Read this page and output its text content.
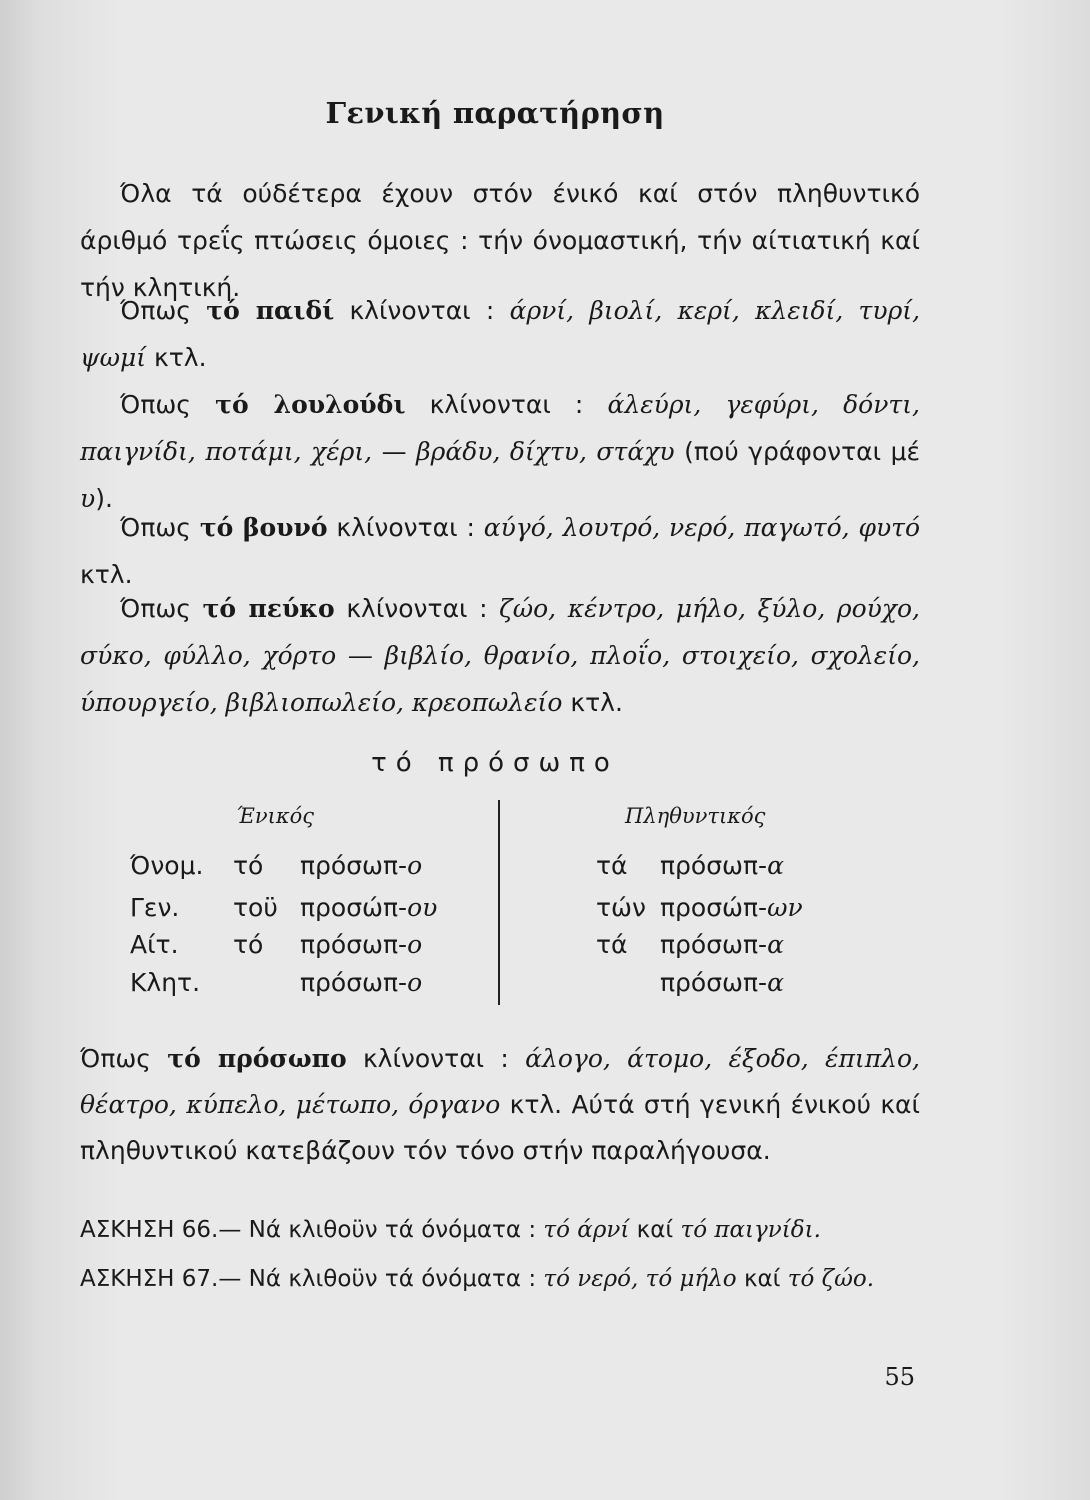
Γενική παρατήρηση

Όλα τά ούδέτερα έχουν στόν ένικό καί στόν πληθυντικό άριθμό τρεΐς πτώσεις όμοιες : τήν όνομαστική, τήν αίτιατική καί τήν κλητική.

Όπως τό παιδί κλίνονται : άρνί, βιολί, κερί, κλειδί, τυρί, ψωμί κτλ.

Όπως τό λουλούδι κλίνονται : άλεύρι, γεφύρι, δόντι, παιγνίδι, ποτάμι, χέρι, — βράδυ, δίχτυ, στάχυ (πού γράφονται μέ υ).

Όπως τό βουνό κλίνονται : αύγό, λουτρό, νερό, παγωτό, φυτό κτλ.

Όπως τό πεύκο κλίνονται : ζώο, κέντρο, μήλο, ξύλο, ρούχο, σύκο, φύλλο, χόρτο — βιβλίο, θρανίο, πλοΐο, στοιχείο, σχολείο, ύπουργείο, βιβλιοπωλείο, κρεοπωλείο κτλ.

τό πρόσωπο
Ένικός	Πληθυντικός
Όνομ. τό πρόσωπ-ο	τά πρόσωπ-α
Γεν. τοϋ προσώπ-ου	τών προσώπ-ων
Αίτ. τό πρόσωπ-ο	τά πρόσωπ-α
Κλητ.	πρόσωπ-ο	πρόσωπ-α

Όπως τό πρόσωπο κλίνονται : άλογο, άτομο, έξοδο, έπιπλο, θέατρο, κύπελο, μέτωπο, όργανο κτλ. Αύτά στή γενική ένικού καί πληθυντικού κατεβάζουν τόν τόνο στήν παραλήγουσα.

ΑΣΚΗΣΗ 66.— Νά κλιθοϋν τά όνόματα : τό άρνί καί τό παιγνίδι.

ΑΣΚΗΣΗ 67.— Νά κλιθοϋν τά όνόματα : τό νερό, τό μήλο καί τό ζώο.

55
